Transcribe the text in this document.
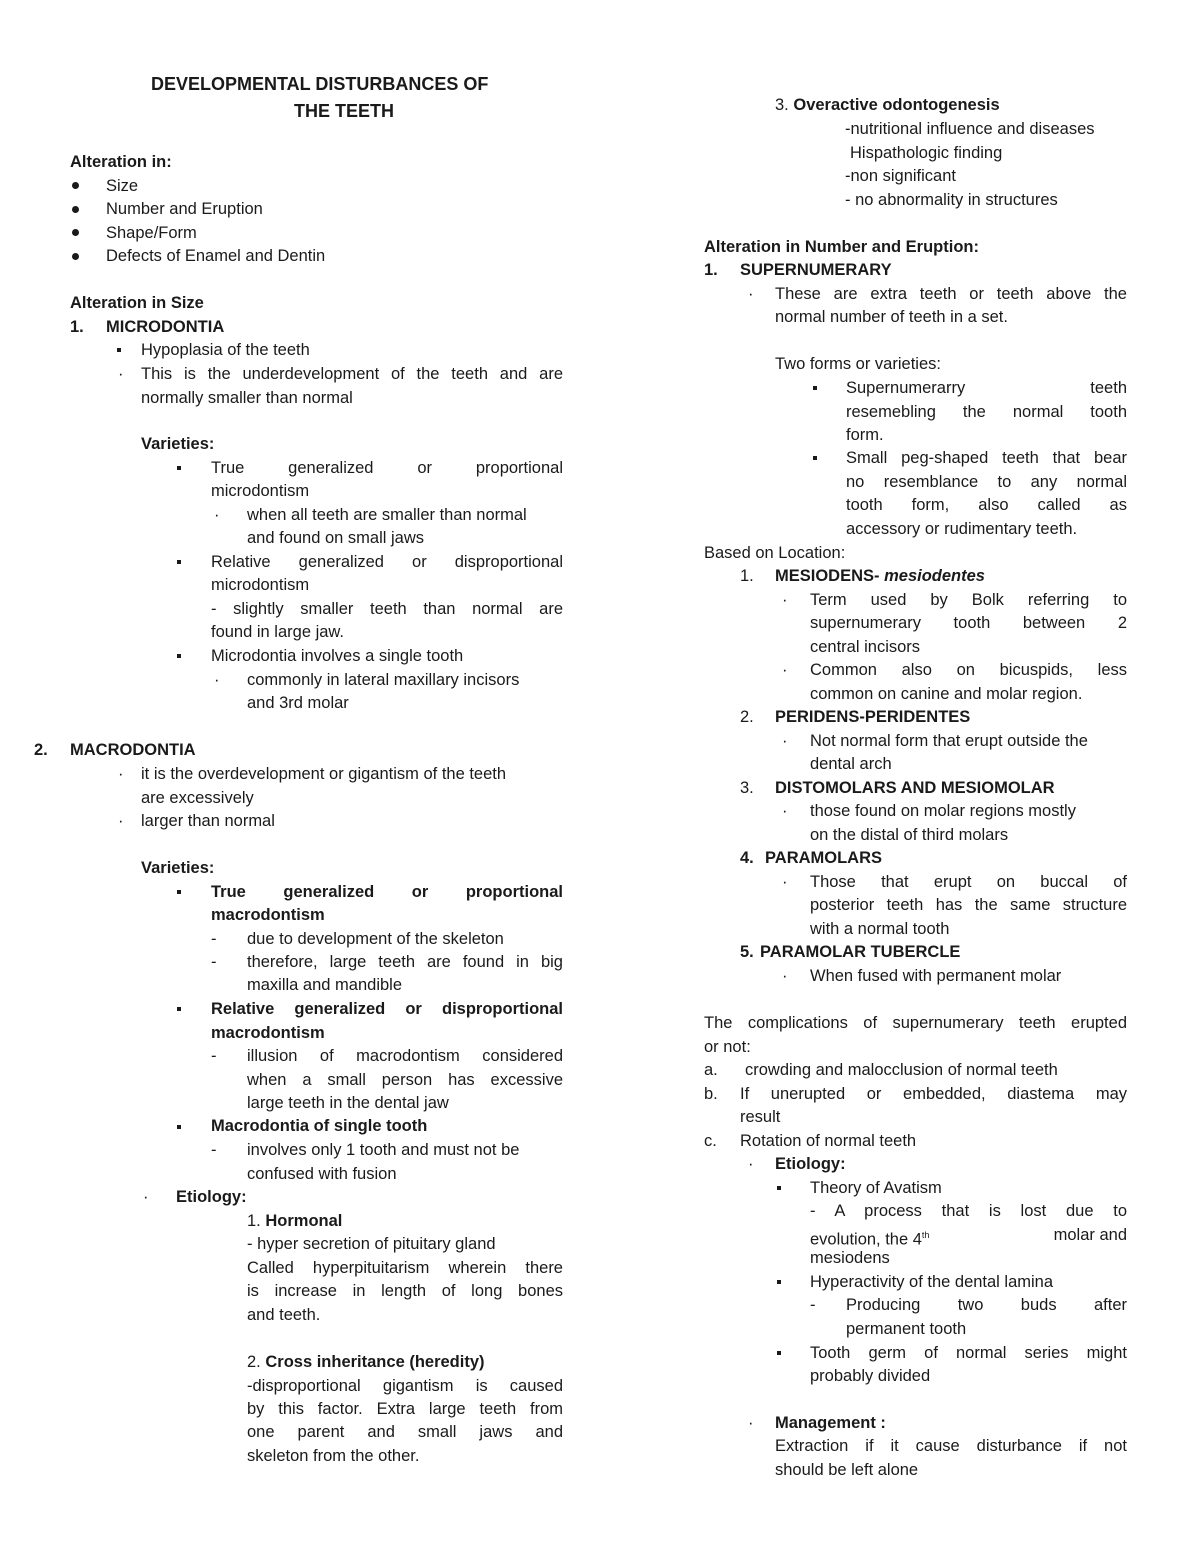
DEVELOPMENTAL DISTURBANCES OF
THE TEETH
Alteration in:
Size
Number and Eruption
Shape/Form
Defects of Enamel and Dentin
Alteration in Size
1. MICRODONTIA
Hypoplasia of the teeth
· This is the underdevelopment of the teeth and are
normally smaller than normal
Varieties:
True generalized or proportional
microdontism
· when all teeth are smaller than normal
and found on small jaws
Relative generalized or disproportional
microdontism
- slightly smaller teeth than normal are
found in large jaw.
Microdontia involves a single tooth
· commonly in lateral maxillary incisors
and 3rd molar
2. MACRODONTIA
· it is the overdevelopment or gigantism of the teeth
are excessively
· larger than normal
Varieties:
True generalized or proportional
macrodontism
- due to development of the skeleton
- therefore, large teeth are found in big
maxilla and mandible
Relative generalized or disproportional
macrodontism
- illusion of macrodontism considered
when a small person has excessive
large teeth in the dental jaw
Macrodontia of single tooth
- involves only 1 tooth and must not be
confused with fusion
· Etiology:
1. Hormonal
- hyper secretion of pituitary gland
Called hyperpituitarism wherein there
is increase in length of long bones
and teeth.
2. Cross inheritance (heredity)
-disproportional gigantism is caused
by this factor. Extra large teeth from
one parent and small jaws and
skeleton from the other.
3. Overactive odontogenesis
-nutritional influence and diseases
Hispathologic finding
-non significant
- no abnormality in structures
Alteration in Number and Eruption:
1. SUPERNUMERARY
· These are extra teeth or teeth above the
normal number of teeth in a set.
Two forms or varieties:
Supernumerarry teeth
resemebling the normal tooth
form.
Small peg-shaped teeth that bear
no resemblance to any normal
tooth form, also called as
accessory or rudimentary teeth.
Based on Location:
1. MESIODENS- mesiodentes
· Term used by Bolk referring to
supernumerary tooth between 2
central incisors
· Common also on bicuspids, less
common on canine and molar region.
2. PERIDENS-PERIDENTES
· Not normal form that erupt outside the
dental arch
3. DISTOMOLARS AND MESIOMOLAR
· those found on molar regions mostly
on the distal of third molars
4. PARAMOLARS
· Those that erupt on buccal of
posterior teeth has the same structure
with a normal tooth
5. PARAMOLAR TUBERCLE
· When fused with permanent molar
The complications of supernumerary teeth erupted
or not:
a. crowding and malocclusion of normal teeth
b. If unerupted or embedded, diastema may
result
c. Rotation of normal teeth
· Etiology:
Theory of Avatism
- A process that is lost due to
evolution, the 4th	molar and
mesiodens
Hyperactivity of the dental lamina
- Producing two buds after
permanent tooth
Tooth germ of normal series might
probably divided
· Management :
Extraction if it cause disturbance if not
should be left alone
